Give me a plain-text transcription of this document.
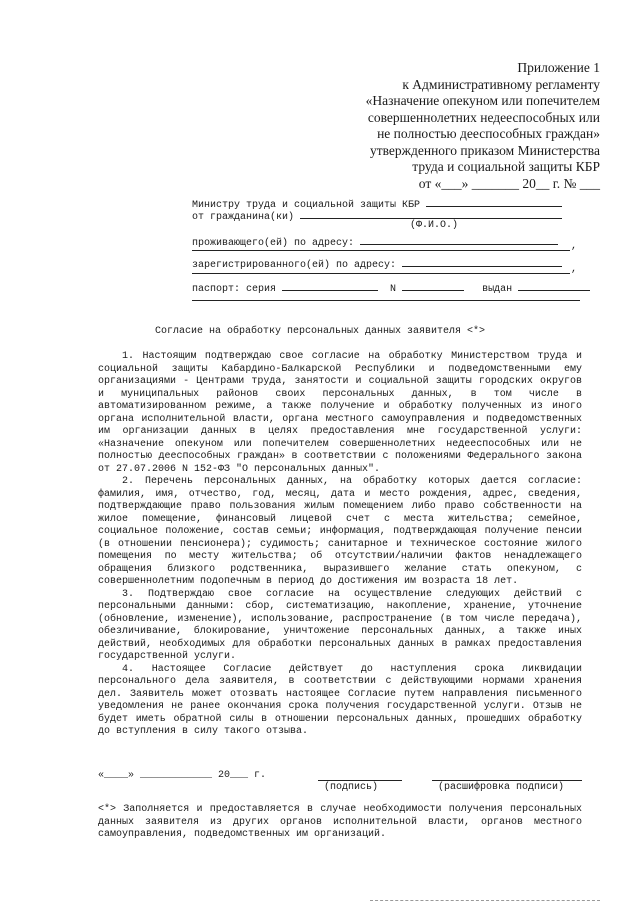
Приложение 1
к Административному регламенту
«Назначение опекуном или попечителем
совершеннолетних недееспособных или
не полностью дееспособных граждан»
утвержденного приказом Министерства
труда и социальной защиты КБР
от «___» _______ 20__ г. № ___
Министру труда и социальной защиты КБР
от гражданина(ки)
(Ф.И.О.)
проживающего(ей) по адресу:	,
зарегистрированного(ей) по адресу:	,
паспорт: серия	N	выдан
Согласие на обработку персональных данных заявителя <*>

1. Настоящим подтверждаю свое согласие на обработку Министерством труда и социальной защиты Кабардино-Балкарской Республики и подведомственными ему организациями - Центрами труда, занятости и социальной защиты городских округов и муниципальных районов своих персональных данных, в том числе в автоматизированном режиме, а также получение и обработку полученных из иного органа исполнительной власти, органа местного самоуправления и подведомственных им организации данных в целях предоставления мне государственной услуги: «Назначение опекуном или попечителем совершеннолетних недееспособных или не полностью дееспособных граждан» в соответствии с положениями Федерального закона от 27.07.2006 N 152-ФЗ "О персональных данных".

2. Перечень персональных данных, на обработку которых дается согласие: фамилия, имя, отчество, год, месяц, дата и место рождения, адрес, сведения, подтверждающие право пользования жилым помещением либо право собственности на жилое помещение, финансовый лицевой счет с места жительства; семейное, социальное положение, состав семьи; информация, подтверждающая получение пенсии (в отношении пенсионера); судимость; санитарное и техническое состояние жилого помещения по месту жительства; об отсутствии/наличии фактов ненадлежащего обращения близкого родственника, выразившего желание стать опекуном, с совершеннолетним подопечным в период до достижения им возраста 18 лет.

3. Подтверждаю свое согласие на осуществление следующих действий с персональными данными: сбор, систематизацию, накопление, хранение, уточнение (обновление, изменение), использование, распространение (в том числе передача), обезличивание, блокирование, уничтожение персональных данных, а также иных действий, необходимых для обработки персональных данных в рамках предоставления государственной услуги.

4. Настоящее Согласие действует до наступления срока ликвидации персонального дела заявителя, в соответствии с действующими нормами хранения дел. Заявитель может отозвать настоящее Согласие путем направления письменного уведомления не ранее окончания срока получения государственной услуги. Отзыв не будет иметь обратной силы в отношении персональных данных, прошедших обработку до вступления в силу такого отзыва.

«____» ____________ 20___ г.
(подпись)	(расшифровка подписи)

<*> Заполняется и предоставляется в случае необходимости получения персональных данных заявителя из других органов исполнительной власти, органов местного самоуправления, подведомственных им организаций.
